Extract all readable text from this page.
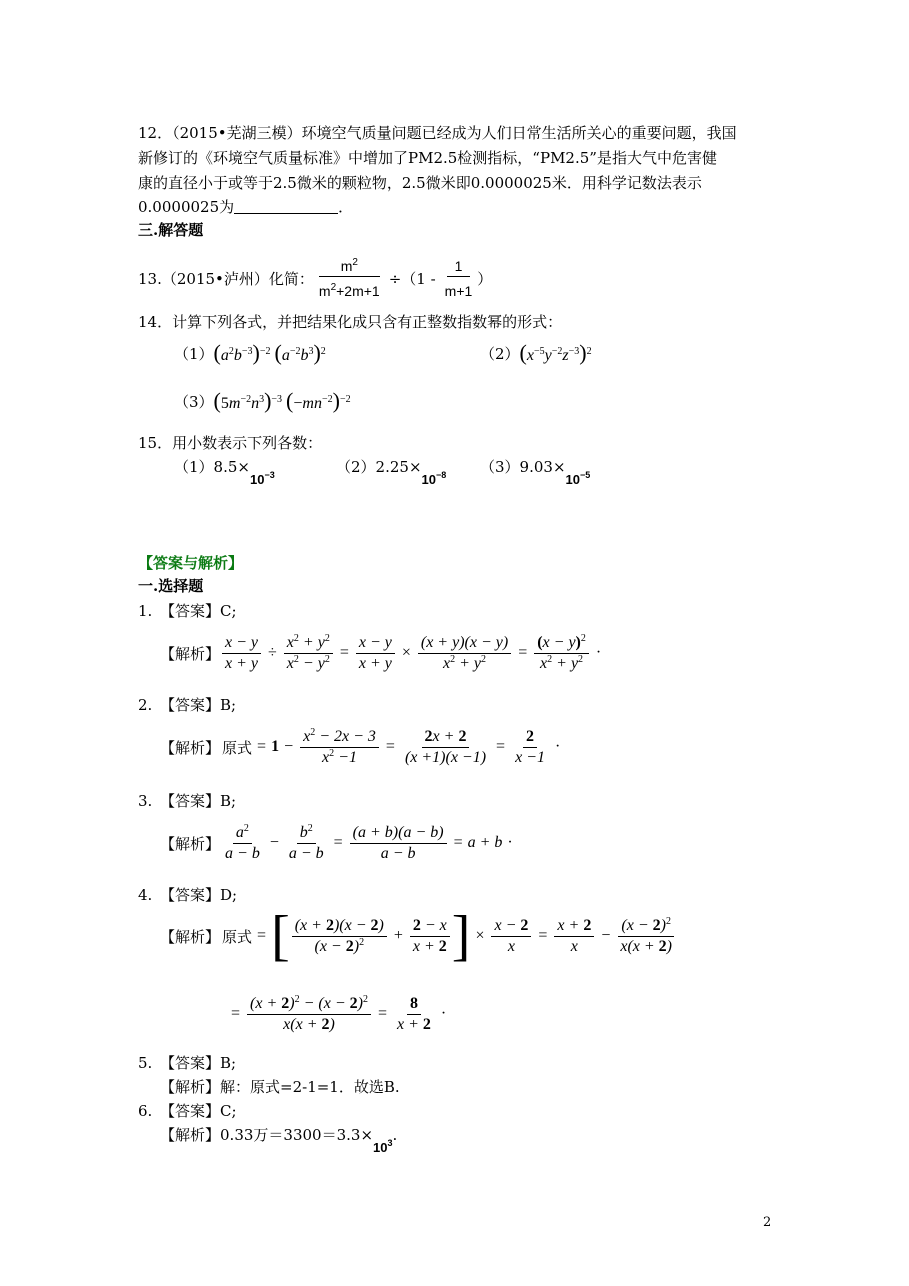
12．（2015•芜湖三模）环境空气质量问题已经成为人们日常生活所关心的重要问题，我国
新修订的《环境空气质量标准》中增加了PM2.5检测指标，“PM2.5”是指大气中危害健
康的直径小于或等于2.5微米的颗粒物，2.5微米即0.0000025米．用科学记数法表示
0.0000025为	．
三.解答题
13.（2015•泸州）化简： $\frac{m^2}{m^2+2m+1} \div(1$ -
1
m+1
）
14．计算下列各式，并把结果化成只含有正整数指数幂的形式：
（1） $(a^2b^{-3})^{-2}$ $(a^{-2}b^3)^2$	（2） $(x^{-5}y^{-2}z^{-3})^2$
（3） $(5m^{-2}n^3)^{-3}$ $(-mn^{-2})^{-2}$
15．用小数表示下列各数：
$(1)8.5\times 10^{-3}$	$(2)2.25\times 10^{-8}$ $(3)9.03\times 10^{-5}$
【答案与解析】
一.选择题
1. 【答案】C;
【解析】 $\frac{x - y}{x + y} \div \frac{x^2 + y^2}{x^2 - y^2} = \frac{x - y}{x + y} \times \frac{(x + y)(x - y)}{x^2 + y^2} = \frac{(x - y)^2}{x^2 + y^2}$ ·
2. 【答案】B;
【解析】 原式 = $1 - \frac{x^2 - 2x - 3}{x^2 -1} = \frac{2x + 2}{(x +1)(x -1)} = \frac{2}{x -1}$ ·
3. 【答案】B;
【解析】
$a^2$
a − b
− $\frac{b^2}{a - b} = \frac{(a + b)(a - b)}{a - b} = a + b$ ·
4. 【答案】D;
【解析】 原式 = [ (x + 2)(x − 2)
$(x - 2)^2 + \frac{2 - x}{x + 2}$ ] × $\frac{x - 2}{x} = \frac{x + 2}{x} - \frac{(x - 2)^2}{x(x + 2)}$
= $\frac{(x + 2)^2 - (x - 2)^2}{x(x + 2)} = \frac{8}{x + 2}$ ·
5. 【答案】B;
【解析】解：原式=2-1=1．故选B.
6. 【答案】C;
【解析】0.33万$=3300=3.3\times 10^3$.
2
